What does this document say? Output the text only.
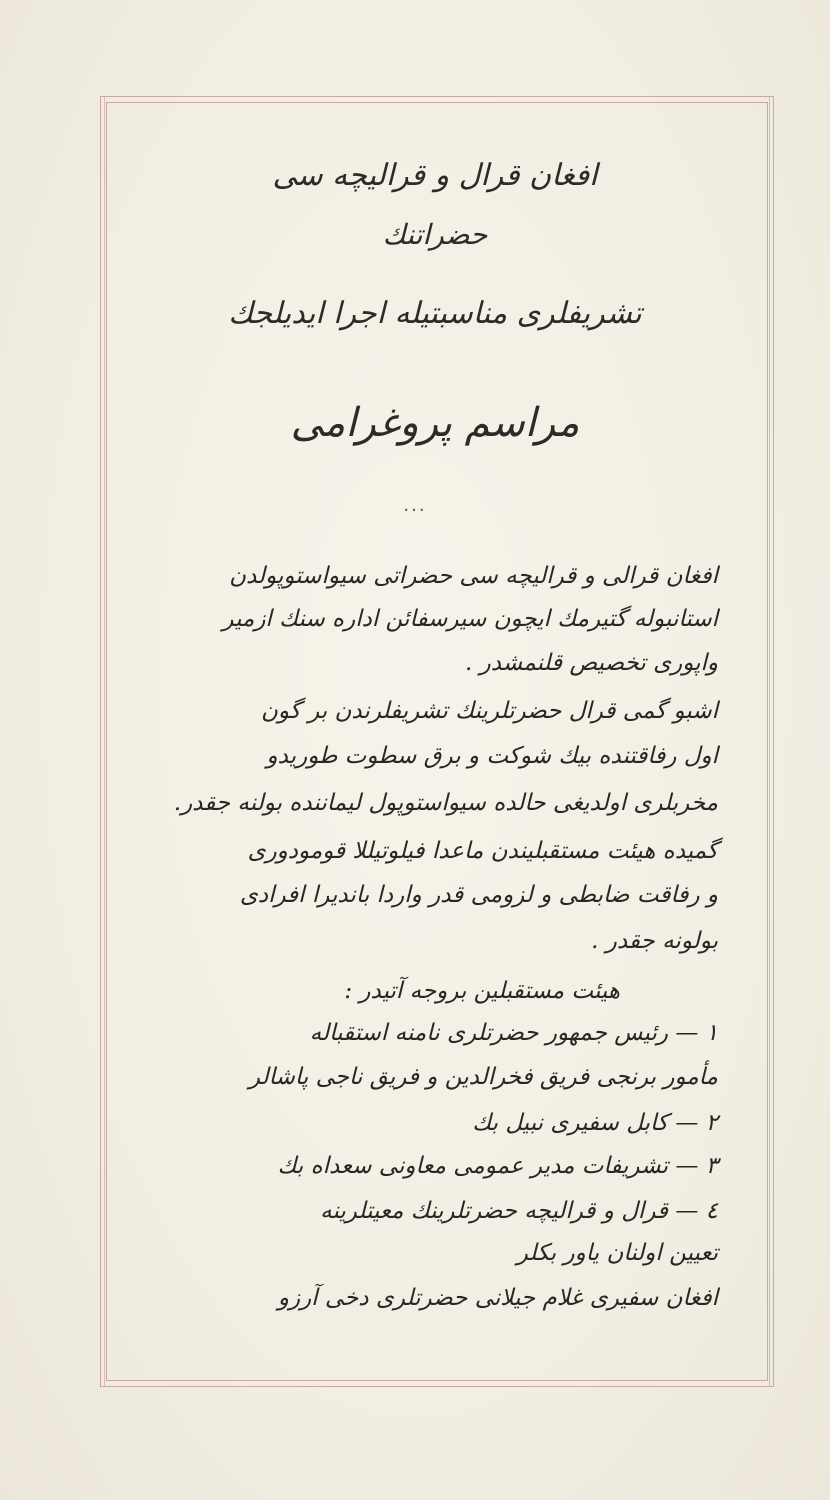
افغان قرال و قرالیچه سی
حضراتنك
تشریفلری مناسبتیله اجرا ایدیلجك
مراسم پروغرامی
...
افغان قرالی و قرالیچه سی حضراتی سیواستوپولدن
استانبوله گتیرمك ایچون سیرسفائن اداره سنك ازمیر
واپوری تخصیص قلنمشدر .
اشبو گمی قرال حضرتلرینك تشریفلرندن بر گون
اول رفاقتنده بیك شوكت و برق سطوت طوریدو
مخربلری اولدیغی حالده سیواستوپول لیماننده بولنه جقدر.
گمیده هیئت مستقبلیندن ماعدا فیلوتیللا قومودوری
و رفاقت ضابطی و لزومی قدر واردا باندیرا افرادی
بولونه جقدر .
هیئت مستقبلین بروجه آتیدر :
١ — رئیس جمهور حضرتلری نامنه استقباله
مأمور برنجی فریق فخرالدین و فریق ناجی پاشالر
٢ — كابل سفیری نبیل بك
٣ — تشریفات مدیر عمومی معاونی سعداه بك
٤ — قرال و قرالیچه حضرتلرینك معیتلرینه
تعیین اولنان یاور بكلر
افغان سفیری غلام جیلانی حضرتلری دخی آرزو
